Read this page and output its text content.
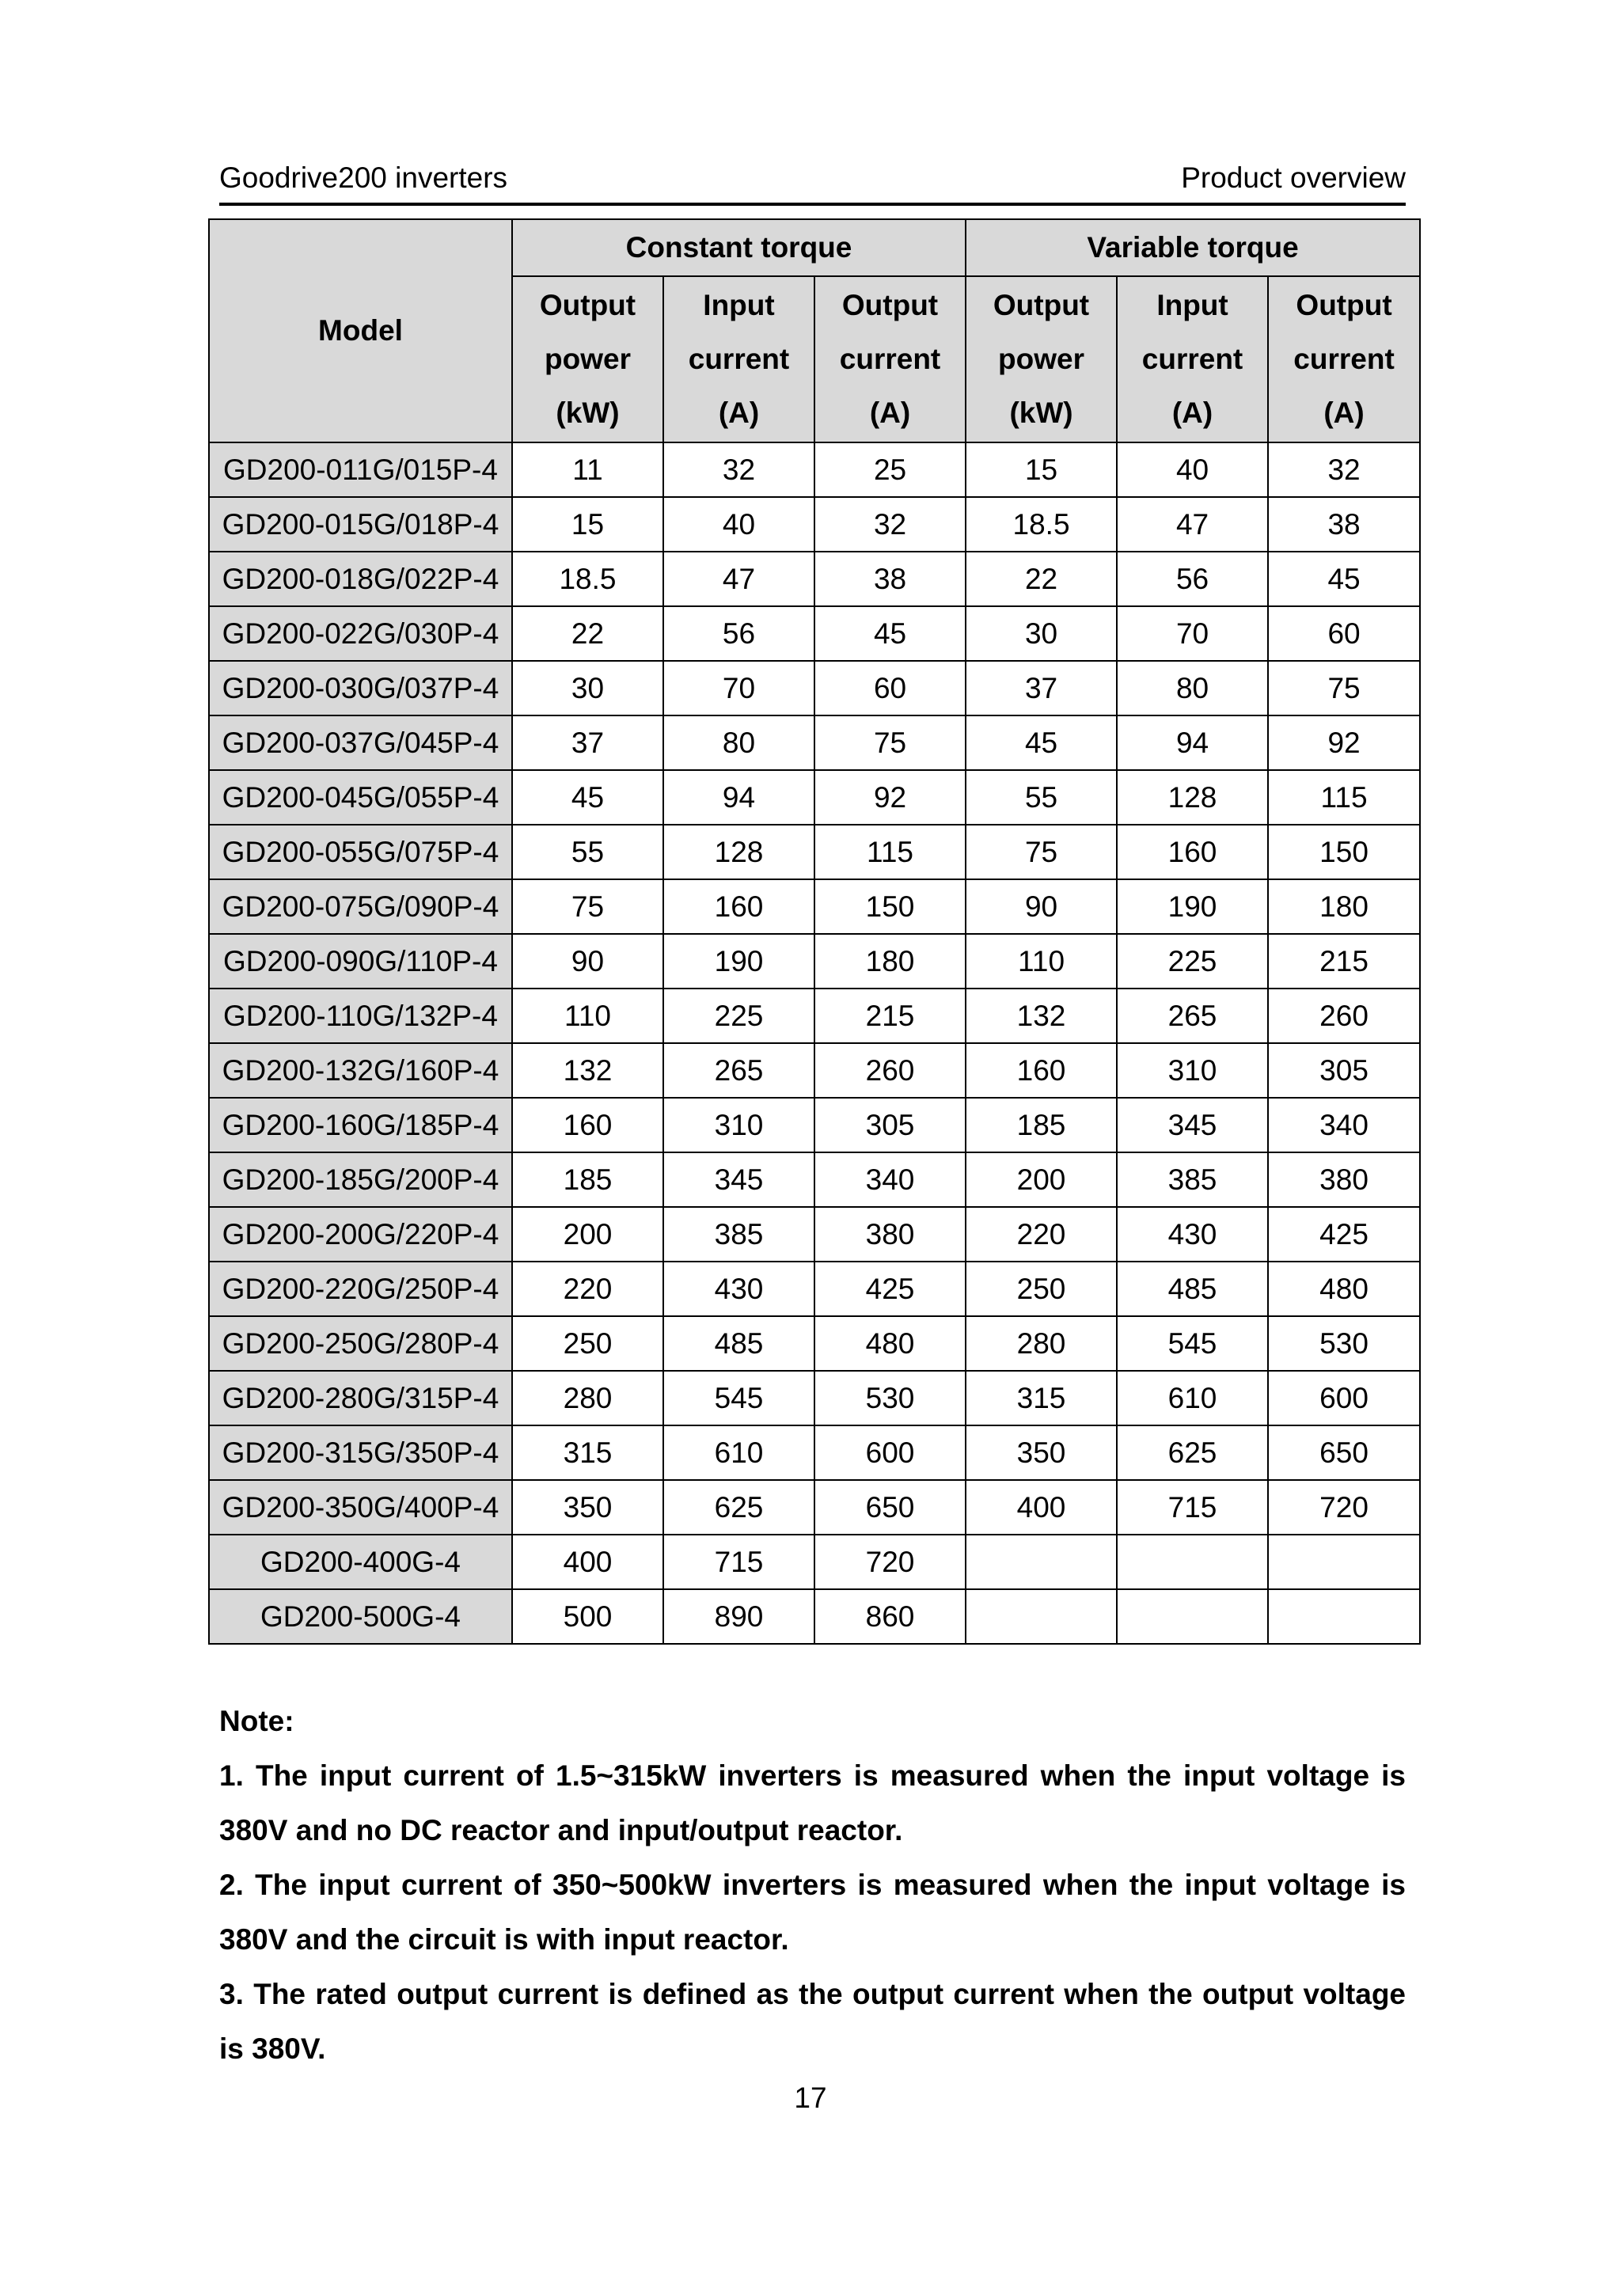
Goodrive200 inverters	Product overview
Model	Constant torque			Variable torque		
	Output
power
(kW)	Input
current
(A)	Output
current
(A)	Output
power
(kW)	Input
current
(A)	Output
current
(A)
GD200-011G/015P-4	11	32	25	15	40	32
GD200-015G/018P-4	15	40	32	18.5	47	38
GD200-018G/022P-4	18.5	47	38	22	56	45
GD200-022G/030P-4	22	56	45	30	70	60
GD200-030G/037P-4	30	70	60	37	80	75
GD200-037G/045P-4	37	80	75	45	94	92
GD200-045G/055P-4	45	94	92	55	128	115
GD200-055G/075P-4	55	128	115	75	160	150
GD200-075G/090P-4	75	160	150	90	190	180
GD200-090G/110P-4	90	190	180	110	225	215
GD200-110G/132P-4	110	225	215	132	265	260
GD200-132G/160P-4	132	265	260	160	310	305
GD200-160G/185P-4	160	310	305	185	345	340
GD200-185G/200P-4	185	345	340	200	385	380
GD200-200G/220P-4	200	385	380	220	430	425
GD200-220G/250P-4	220	430	425	250	485	480
GD200-250G/280P-4	250	485	480	280	545	530
GD200-280G/315P-4	280	545	530	315	610	600
GD200-315G/350P-4	315	610	600	350	625	650
GD200-350G/400P-4	350	625	650	400	715	720
GD200-400G-4	400	715	720			
GD200-500G-4	500	890	860			

Note:

1. The input current of 1.5~315kW inverters is measured when the input voltage is 380V and no DC reactor and input/output reactor.

2. The input current of 350~500kW inverters is measured when the input voltage is 380V and the circuit is with input reactor.

3. The rated output current is defined as the output current when the output voltage is 380V.

17
